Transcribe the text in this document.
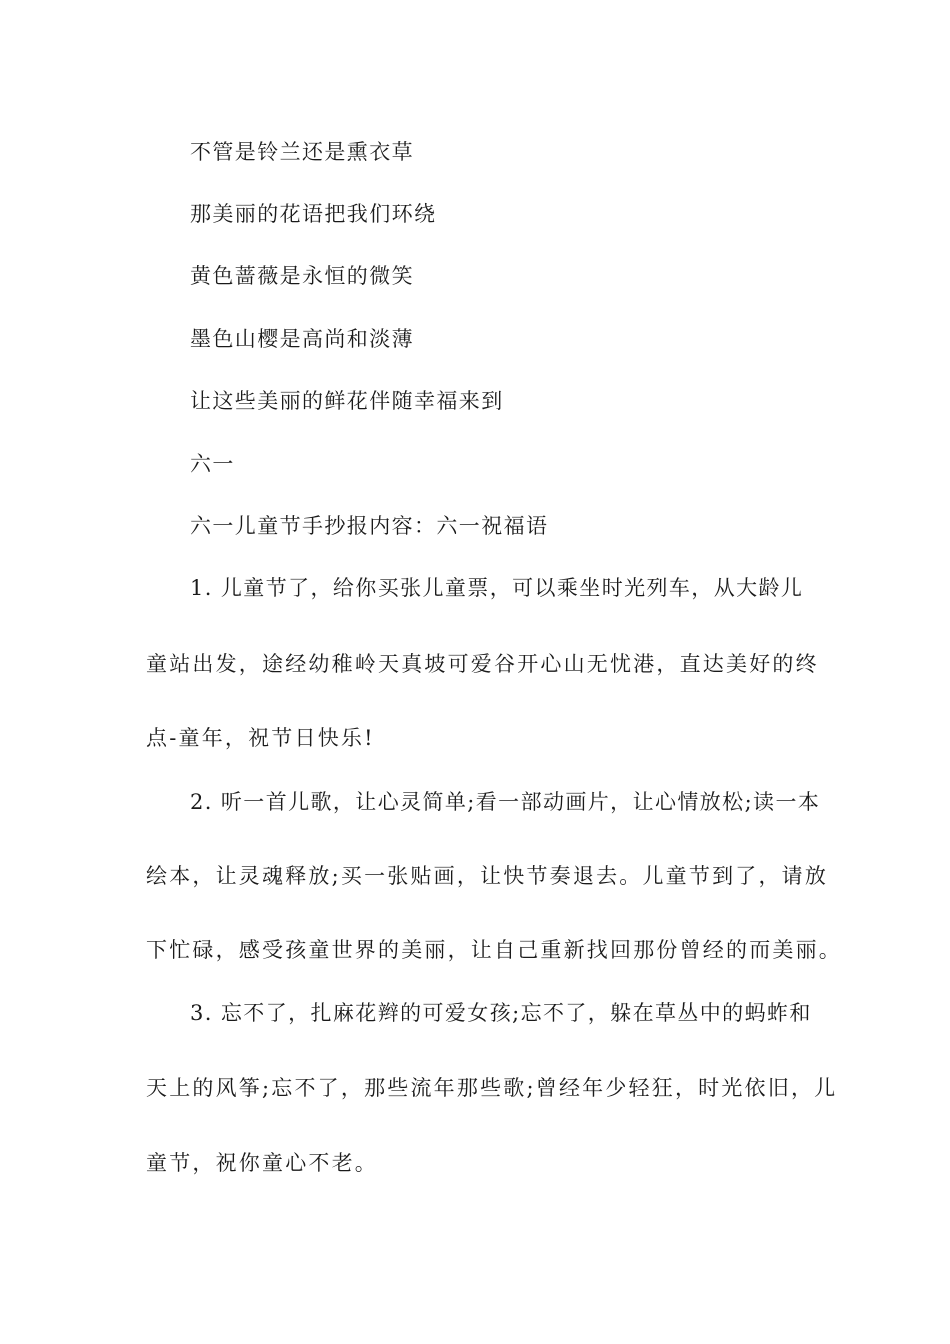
不管是铃兰还是熏衣草
那美丽的花语把我们环绕
黄色蔷薇是永恒的微笑
墨色山樱是高尚和淡薄
让这些美丽的鲜花伴随幸福来到
六一
六一儿童节手抄报内容：六一祝福语
1. 儿童节了，给你买张儿童票，可以乘坐时光列车，从大龄儿
童站出发，途经幼稚岭天真坡可爱谷开心山无忧港，直达美好的终
点-童年，祝节日快乐!
2. 听一首儿歌，让心灵简单;看一部动画片，让心情放松;读一本
绘本，让灵魂释放;买一张贴画，让快节奏退去。儿童节到了，请放
下忙碌，感受孩童世界的美丽，让自己重新找回那份曾经的而美丽。
3. 忘不了，扎麻花辫的可爱女孩;忘不了，躲在草丛中的蚂蚱和
天上的风筝;忘不了，那些流年那些歌;曾经年少轻狂，时光依旧，儿
童节，祝你童心不老。
